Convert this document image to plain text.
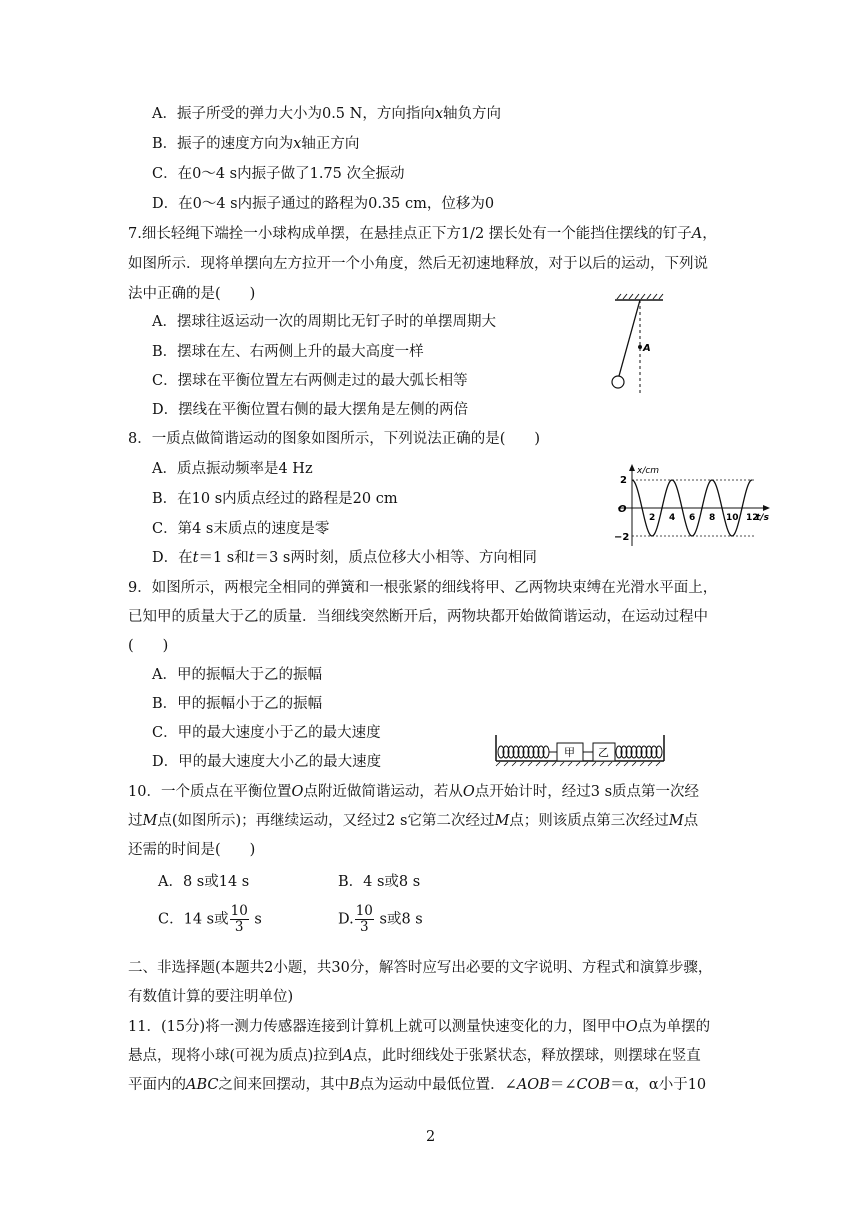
A．振子所受的弹力大小为0.5 N，方向指向x轴负方向
B．振子的速度方向为x轴正方向
C．在0～4 s内振子做了1.75 次全振动
D．在0～4 s内振子通过的路程为0.35 cm，位移为0
7.细长轻绳下端拴一小球构成单摆，在悬挂点正下方1/2 摆长处有一个能挡住摆线的钉子A，
如图所示．现将单摆向左方拉开一个小角度，然后无初速地释放，对于以后的运动，下列说
法中正确的是(　　)
A．摆球往返运动一次的周期比无钉子时的单摆周期大
B．摆球在左、右两侧上升的最大高度一样
C．摆球在平衡位置左右两侧走过的最大弧长相等
D．摆线在平衡位置右侧的最大摆角是左侧的两倍
A
8．一质点做简谐运动的图象如图所示，下列说法正确的是(　　)
A．质点振动频率是4 Hz
B．在10 s内质点经过的路程是20 cm
C．第4 s末质点的速度是零
D．在t＝1 s和t＝3 s两时刻，质点位移大小相等、方向相同
x/cm
t/s
2
O
−2
2 4 6 8 10 12
9．如图所示，两根完全相同的弹簧和一根张紧的细线将甲、乙两物块束缚在光滑水平面上，
已知甲的质量大于乙的质量．当细线突然断开后，两物块都开始做简谐运动，在运动过程中
(　　)
A．甲的振幅大于乙的振幅
B．甲的振幅小于乙的振幅
C．甲的最大速度小于乙的最大速度
D．甲的最大速度大小乙的最大速度
甲 乙
10．一个质点在平衡位置O点附近做简谐运动，若从O点开始计时，经过3 s质点第一次经
过M点(如图所示)；再继续运动，又经过2 s它第二次经过M点；则该质点第三次经过M点
还需的时间是(　　)
A．8 s或14 s	B．4 s或8 s
C．14 s或 $\frac{10}{3}$ s	D. $\frac{10}{3}$ s或8 s
二、非选择题(本题共2小题，共30分，解答时应写出必要的文字说明、方程式和演算步骤，
有数值计算的要注明单位)
11．(15分)将一测力传感器连接到计算机上就可以测量快速变化的力，图甲中O点为单摆的
悬点，现将小球(可视为质点)拉到A点，此时细线处于张紧状态，释放摆球，则摆球在竖直
平面内的ABC之间来回摆动，其中B点为运动中最低位置．∠AOB＝∠COB＝α，α小于10
2
